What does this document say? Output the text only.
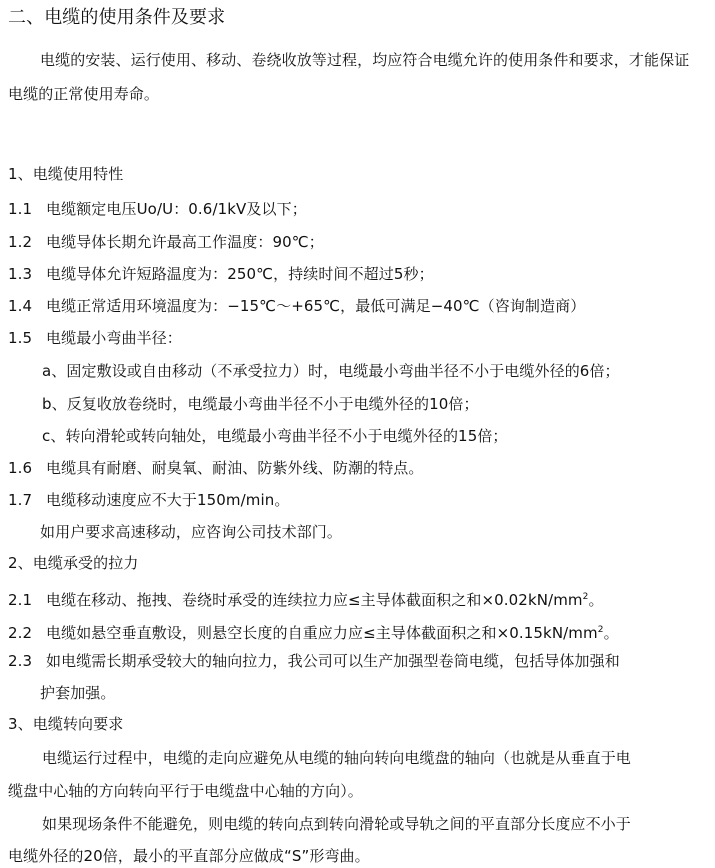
二、电缆的使用条件及要求
电缆的安装、运行使用、移动、卷绕收放等过程，均应符合电缆允许的使用条件和要求，才能保证
电缆的正常使用寿命。
1、电缆使用特性
1.1 电缆额定电压Uo/U：0.6/1kV及以下；
1.2 电缆导体长期允许最高工作温度：90℃；
1.3 电缆导体允许短路温度为：250℃，持续时间不超过5秒；
1.4 电缆正常适用环境温度为：−15℃～+65℃，最低可满足−40℃（咨询制造商）
1.5 电缆最小弯曲半径：
a、固定敷设或自由移动（不承受拉力）时，电缆最小弯曲半径不小于电缆外径的6倍；
b、反复收放卷绕时，电缆最小弯曲半径不小于电缆外径的10倍；
c、转向滑轮或转向轴处，电缆最小弯曲半径不小于电缆外径的15倍；
1.6 电缆具有耐磨、耐臭氧、耐油、防紫外线、防潮的特点。
1.7 电缆移动速度应不大于150m/min。
如用户要求高速移动，应咨询公司技术部门。
2、电缆承受的拉力
2.1 电缆在移动、拖拽、卷绕时承受的连续拉力应≤主导体截面积之和$\times 0.02kN/mm^2$。
2.2 电缆如悬空垂直敷设，则悬空长度的自重应力应≤主导体截面积之和$\times 0.15kN/mm^2$。
2.3 如电缆需长期承受较大的轴向拉力，我公司可以生产加强型卷筒电缆，包括导体加强和
护套加强。
3、电缆转向要求
电缆运行过程中，电缆的走向应避免从电缆的轴向转向电缆盘的轴向（也就是从垂直于电
缆盘中心轴的方向转向平行于电缆盘中心轴的方向）。
如果现场条件不能避免，则电缆的转向点到转向滑轮或导轨之间的平直部分长度应不小于
电缆外径的20倍，最小的平直部分应做成“S”形弯曲。
